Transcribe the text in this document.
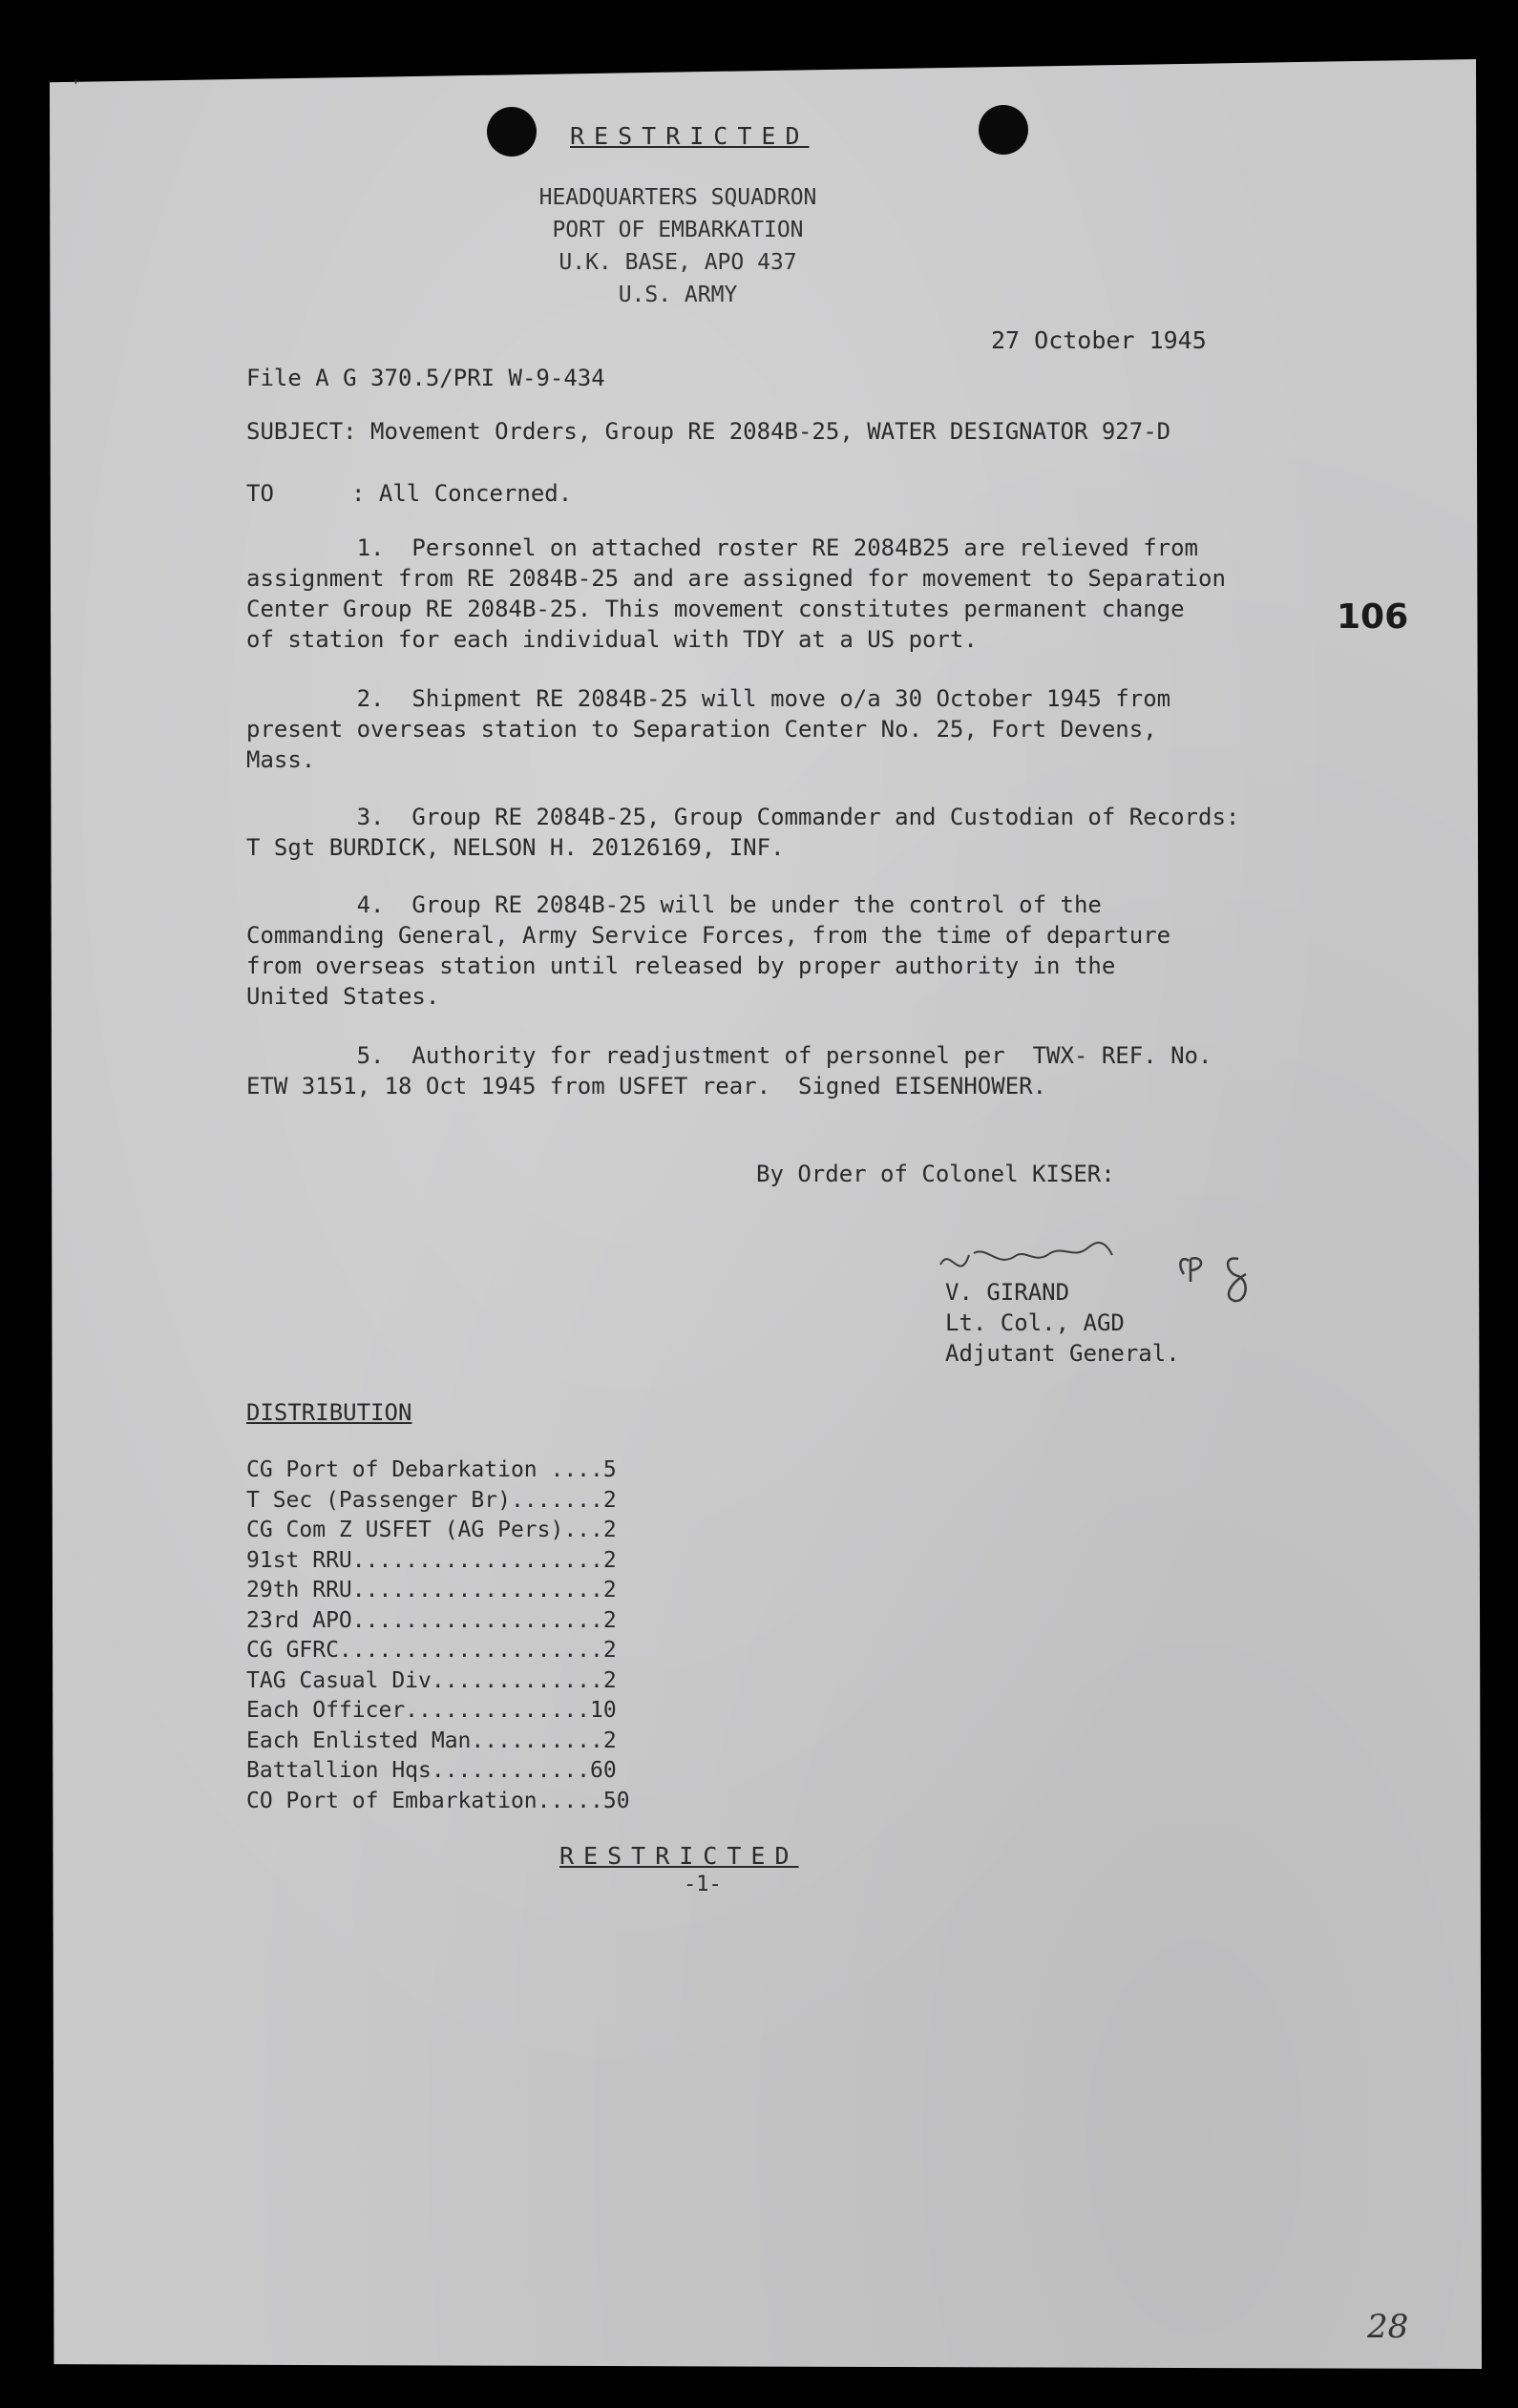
'
RESTRICTED
HEADQUARTERS SQUADRON
PORT OF EMBARKATION
U.K. BASE, APO 437
U.S. ARMY
27 October 1945
File A G 370.5/PRI W-9-434
SUBJECT: Movement Orders, Group RE 2084B-25, WATER DESIGNATOR 927-D
TO	: All Concerned.
1.  Personnel on attached roster RE 2084B25 are relieved from
assignment from RE 2084B-25 and are assigned for movement to Separation
Center Group RE 2084B-25. This movement constitutes permanent change
of station for each individual with TDY at a US port.
2.  Shipment RE 2084B-25 will move o/a 30 October 1945 from
present overseas station to Separation Center No. 25, Fort Devens,
Mass.
3.  Group RE 2084B-25, Group Commander and Custodian of Records:
T Sgt BURDICK, NELSON H. 20126169, INF.
4.  Group RE 2084B-25 will be under the control of the
Commanding General, Army Service Forces, from the time of departure
from overseas station until released by proper authority in the
United States.
5.  Authority for readjustment of personnel per  TWX- REF. No.
ETW 3151, 18 Oct 1945 from USFET rear.  Signed EISENHOWER.
106
By Order of Colonel KISER:
V. GIRAND
Lt. Col., AGD
Adjutant General.
DISTRIBUTION
CG Port of Debarkation ....5
T Sec (Passenger Br).......2
CG Com Z USFET (AG Pers)...2
91st RRU...................2
29th RRU...................2
23rd APO...................2
CG GFRC....................2
TAG Casual Div.............2
Each Officer..............10
Each Enlisted Man..........2
Battallion Hqs............60
CO Port of Embarkation.....50
RESTRICTED
-1-
28
